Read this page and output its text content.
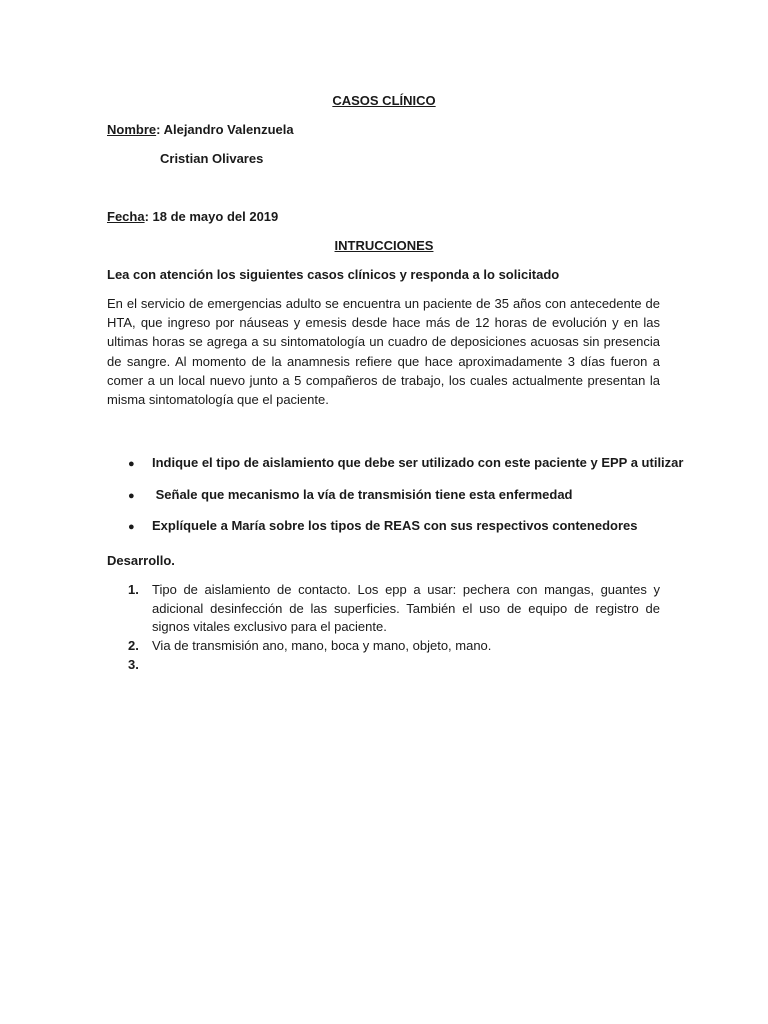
CASOS CLÍNICO
Nombre: Alejandro Valenzuela
Cristian Olivares
Fecha: 18 de mayo del 2019
INTRUCCIONES
Lea con atención los siguientes casos clínicos y responda a lo solicitado
En el servicio de emergencias adulto se encuentra un paciente de 35 años con antecedente de HTA, que ingreso por náuseas y emesis desde hace más de 12 horas de evolución y en las ultimas horas se agrega a su sintomatología un cuadro de deposiciones acuosas sin presencia de sangre. Al momento de la anamnesis refiere que hace aproximadamente 3 días fueron a comer a un local nuevo junto a 5 compañeros de trabajo, los cuales actualmente presentan la misma sintomatología que el paciente.
● Indique el tipo de aislamiento que debe ser utilizado con este paciente y EPP a utilizar
● Señale que mecanismo la vía de transmisión tiene esta enfermedad
● Explíquele a María sobre los tipos de REAS con sus respectivos contenedores
Desarrollo.
1. Tipo de aislamiento de contacto. Los epp a usar: pechera con mangas, guantes y adicional desinfección de las superficies. También el uso de equipo de registro de signos vitales exclusivo para el paciente.
2. Via de transmisión ano, mano, boca y mano, objeto, mano.
3.
